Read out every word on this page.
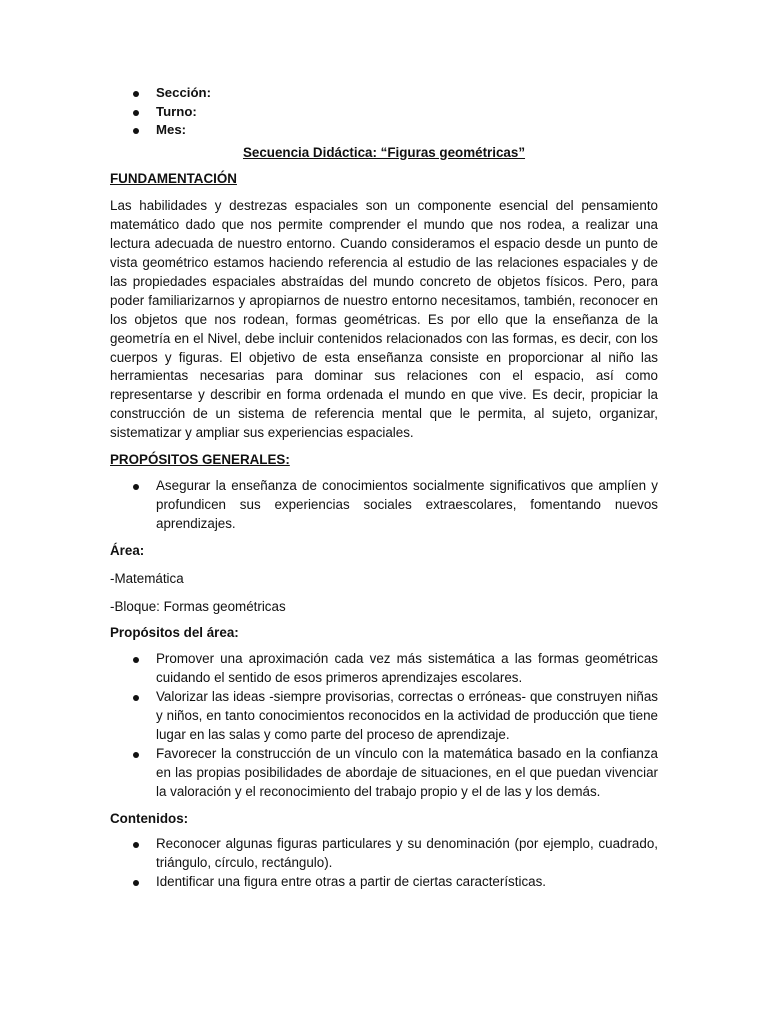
Sección:
Turno:
Mes:

Secuencia Didáctica: “Figuras geométricas”

FUNDAMENTACIÓN

Las habilidades y destrezas espaciales son un componente esencial del pensamiento matemático dado que nos permite comprender el mundo que nos rodea, a realizar una lectura adecuada de nuestro entorno. Cuando consideramos el espacio desde un punto de vista geométrico estamos haciendo referencia al estudio de las relaciones espaciales y de las propiedades espaciales abstraídas del mundo concreto de objetos físicos. Pero, para poder familiarizarnos y apropiarnos de nuestro entorno necesitamos, también, reconocer en los objetos que nos rodean, formas geométricas. Es por ello que la enseñanza de la geometría en el Nivel, debe incluir contenidos relacionados con las formas, es decir, con los cuerpos y figuras. El objetivo de esta enseñanza consiste en proporcionar al niño las herramientas necesarias para dominar sus relaciones con el espacio, así como representarse y describir en forma ordenada el mundo en que vive. Es decir, propiciar la construcción de un sistema de referencia mental que le permita, al sujeto, organizar, sistematizar y ampliar sus experiencias espaciales.

PROPÓSITOS GENERALES:

Asegurar la enseñanza de conocimientos socialmente significativos que amplíen y profundicen sus experiencias sociales extraescolares, fomentando nuevos aprendizajes.

Área:

-Matemática

-Bloque: Formas geométricas

Propósitos del área:

Promover una aproximación cada vez más sistemática a las formas geométricas cuidando el sentido de esos primeros aprendizajes escolares.
Valorizar las ideas -siempre provisorias, correctas o erróneas- que construyen niñas y niños, en tanto conocimientos reconocidos en la actividad de producción que tiene lugar en las salas y como parte del proceso de aprendizaje.
Favorecer la construcción de un vínculo con la matemática basado en la confianza en las propias posibilidades de abordaje de situaciones, en el que puedan vivenciar la valoración y el reconocimiento del trabajo propio y el de las y los demás.

Contenidos:

Reconocer algunas figuras particulares y su denominación (por ejemplo, cuadrado, triángulo, círculo, rectángulo).
Identificar una figura entre otras a partir de ciertas características.
